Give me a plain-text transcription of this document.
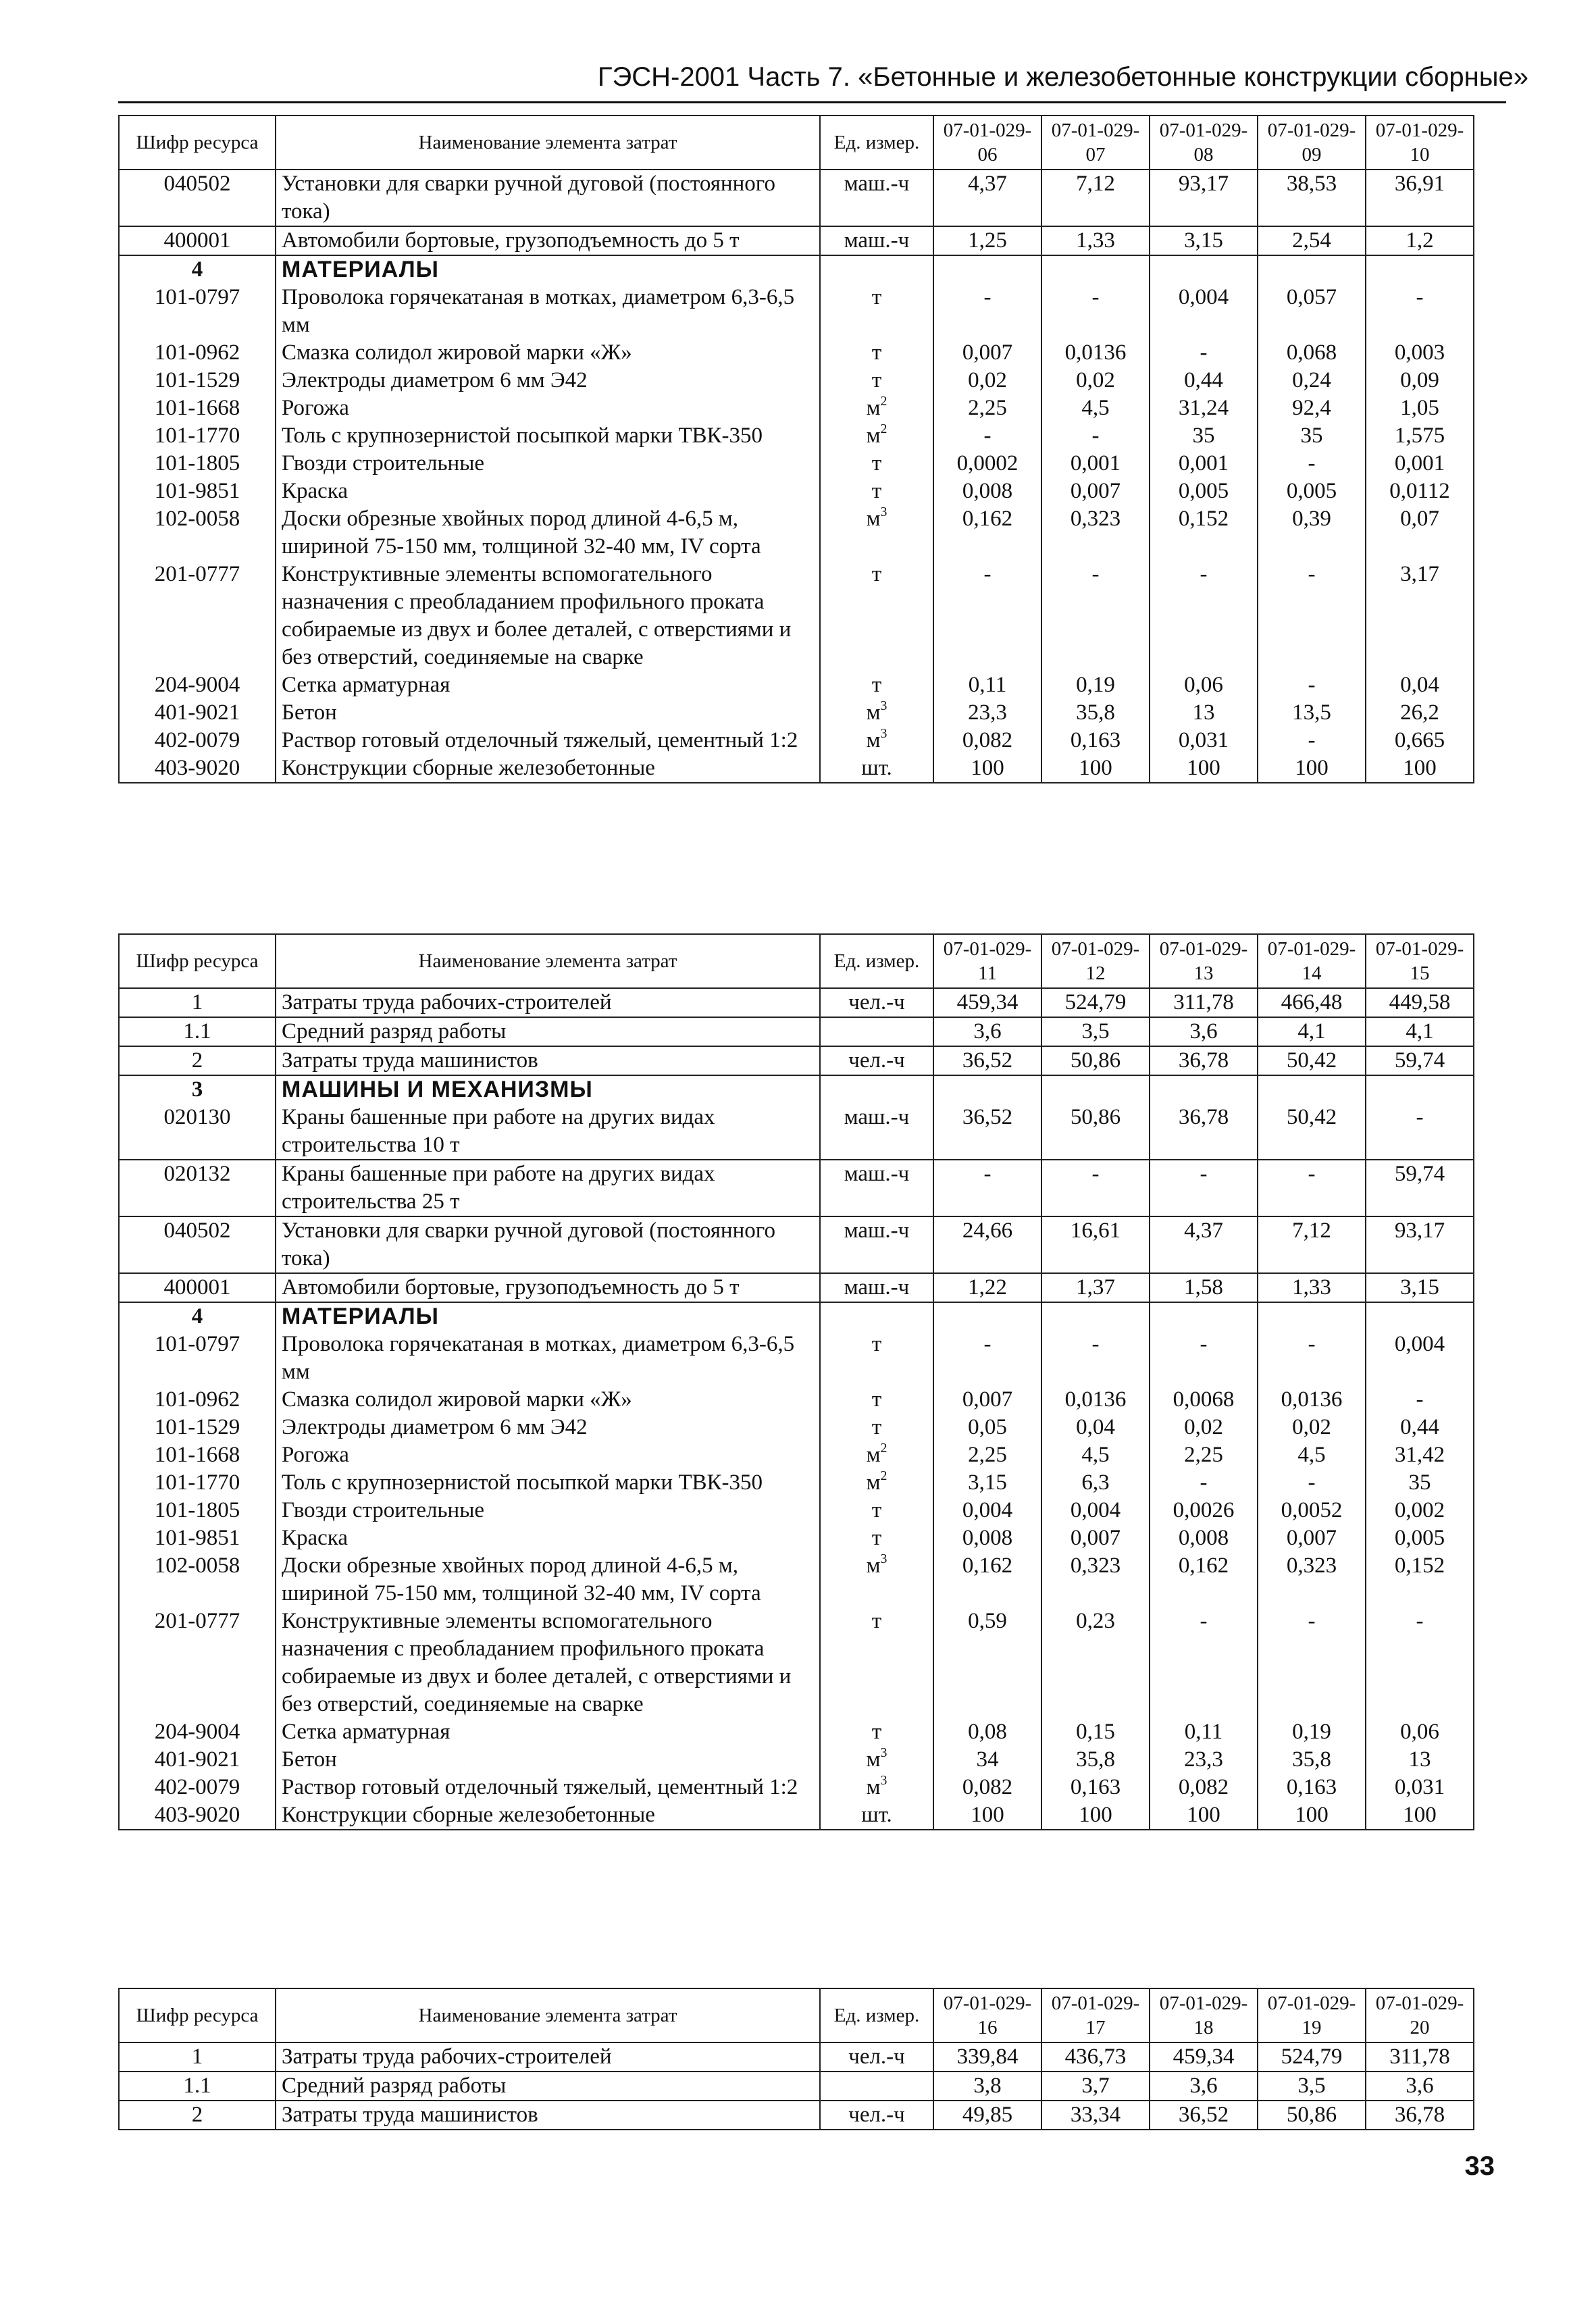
ГЭСН-2001 Часть 7. «Бетонные и железобетонные конструкции сборные»
Шифр ресурса	Наименование элемента затрат	Ед. измер.	07-01-029-06	07-01-029-07	07-01-029-08	07-01-029-09	07-01-029-10
040502	Установки для сварки ручной дуговой (постоянного тока)	маш.-ч	4,37	7,12	93,17	38,53	36,91
400001	Автомобили бортовые, грузоподъемность до 5 т	маш.-ч	1,25	1,33	3,15	2,54	1,2
4	МАТЕРИАЛЫ						
101-0797	Проволока горячекатаная в мотках, диаметром 6,3-6,5 мм	т	-	-	0,004	0,057	-
101-0962	Смазка солидол жировой марки «Ж»	т	0,007	0,0136	-	0,068	0,003
101-1529	Электроды диаметром 6 мм Э42	т	0,02	0,02	0,44	0,24	0,09
101-1668	Рогожа	$м^2$	2,25	4,5	31,24	92,4	1,05
101-1770	Толь с крупнозернистой посыпкой марки ТВК-350	$м^2$	-	-	35	35	1,575
101-1805	Гвозди строительные	т	0,0002	0,001	0,001	-	0,001
101-9851	Краска	т	0,008	0,007	0,005	0,005	0,0112
102-0058	Доски обрезные хвойных пород длиной 4-6,5 м, шириной 75-150 мм, толщиной 32-40 мм, IV сорта	$м^3$	0,162	0,323	0,152	0,39	0,07
201-0777	Конструктивные элементы вспомогательного назначения с преобладанием профильного проката собираемые из двух и более деталей, с отверстиями и без отверстий, соединяемые на сварке	т	-	-	-	-	3,17
204-9004	Сетка арматурная	т	0,11	0,19	0,06	-	0,04
401-9021	Бетон	$м^3$	23,3	35,8	13	13,5	26,2
402-0079	Раствор готовый отделочный тяжелый, цементный 1:2	$м^3$	0,082	0,163	0,031	-	0,665
403-9020	Конструкции сборные железобетонные	шт.	100	100	100	100	100
Шифр ресурса	Наименование элемента затрат	Ед. измер.	07-01-029-11	07-01-029-12	07-01-029-13	07-01-029-14	07-01-029-15
1	Затраты труда рабочих-строителей	чел.-ч	459,34	524,79	311,78	466,48	449,58
1.1	Средний разряд работы		3,6	3,5	3,6	4,1	4,1
2	Затраты труда машинистов	чел.-ч	36,52	50,86	36,78	50,42	59,74
3	МАШИНЫ И МЕХАНИЗМЫ						
020130	Краны башенные при работе на других видах строительства 10 т	маш.-ч	36,52	50,86	36,78	50,42	-
020132	Краны башенные при работе на других видах строительства 25 т	маш.-ч	-	-	-	-	59,74
040502	Установки для сварки ручной дуговой (постоянного тока)	маш.-ч	24,66	16,61	4,37	7,12	93,17
400001	Автомобили бортовые, грузоподъемность до 5 т	маш.-ч	1,22	1,37	1,58	1,33	3,15
4	МАТЕРИАЛЫ						
101-0797	Проволока горячекатаная в мотках, диаметром 6,3-6,5 мм	т	-	-	-	-	0,004
101-0962	Смазка солидол жировой марки «Ж»	т	0,007	0,0136	0,0068	0,0136	-
101-1529	Электроды диаметром 6 мм Э42	т	0,05	0,04	0,02	0,02	0,44
101-1668	Рогожа	$м^2$	2,25	4,5	2,25	4,5	31,42
101-1770	Толь с крупнозернистой посыпкой марки ТВК-350	$м^2$	3,15	6,3	-	-	35
101-1805	Гвозди строительные	т	0,004	0,004	0,0026	0,0052	0,002
101-9851	Краска	т	0,008	0,007	0,008	0,007	0,005
102-0058	Доски обрезные хвойных пород длиной 4-6,5 м, шириной 75-150 мм, толщиной 32-40 мм, IV сорта	$м^3$	0,162	0,323	0,162	0,323	0,152
201-0777	Конструктивные элементы вспомогательного назначения с преобладанием профильного проката собираемые из двух и более деталей, с отверстиями и без отверстий, соединяемые на сварке	т	0,59	0,23	-	-	-
204-9004	Сетка арматурная	т	0,08	0,15	0,11	0,19	0,06
401-9021	Бетон	$м^3$	34	35,8	23,3	35,8	13
402-0079	Раствор готовый отделочный тяжелый, цементный 1:2	$м^3$	0,082	0,163	0,082	0,163	0,031
403-9020	Конструкции сборные железобетонные	шт.	100	100	100	100	100
Шифр ресурса	Наименование элемента затрат	Ед. измер.	07-01-029-16	07-01-029-17	07-01-029-18	07-01-029-19	07-01-029-20
1	Затраты труда рабочих-строителей	чел.-ч	339,84	436,73	459,34	524,79	311,78
1.1	Средний разряд работы		3,8	3,7	3,6	3,5	3,6
2	Затраты труда машинистов	чел.-ч	49,85	33,34	36,52	50,86	36,78
33
